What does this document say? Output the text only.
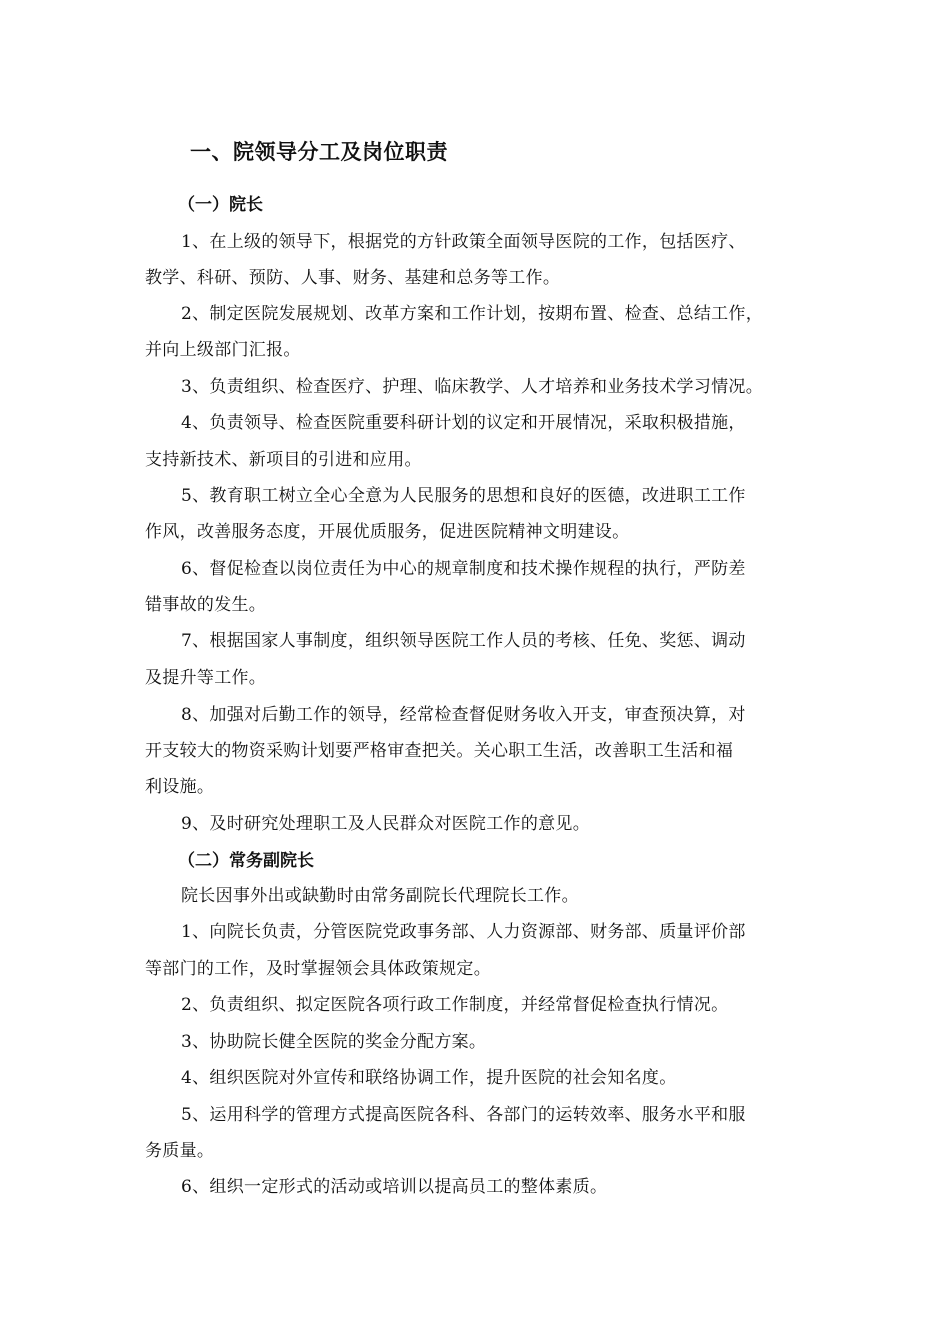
一、院领导分工及岗位职责
（一）院长
1、在上级的领导下，根据党的方针政策全面领导医院的工作，包括医疗、
教学、科研、预防、人事、财务、基建和总务等工作。
2、制定医院发展规划、改革方案和工作计划，按期布置、检查、总结工作，
并向上级部门汇报。
3、负责组织、检查医疗、护理、临床教学、人才培养和业务技术学习情况。
4、负责领导、检查医院重要科研计划的议定和开展情况，采取积极措施，
支持新技术、新项目的引进和应用。
5、教育职工树立全心全意为人民服务的思想和良好的医德，改进职工工作
作风，改善服务态度，开展优质服务，促进医院精神文明建设。
6、督促检查以岗位责任为中心的规章制度和技术操作规程的执行，严防差
错事故的发生。
7、根据国家人事制度，组织领导医院工作人员的考核、任免、奖惩、调动
及提升等工作。
8、加强对后勤工作的领导，经常检查督促财务收入开支，审查预决算，对
开支较大的物资采购计划要严格审查把关。关心职工生活，改善职工生活和福
利设施。
9、及时研究处理职工及人民群众对医院工作的意见。
（二）常务副院长
院长因事外出或缺勤时由常务副院长代理院长工作。
1、向院长负责，分管医院党政事务部、人力资源部、财务部、质量评价部
等部门的工作，及时掌握领会具体政策规定。
2、负责组织、拟定医院各项行政工作制度，并经常督促检查执行情况。
3、协助院长健全医院的奖金分配方案。
4、组织医院对外宣传和联络协调工作，提升医院的社会知名度。
5、运用科学的管理方式提高医院各科、各部门的运转效率、服务水平和服
务质量。
6、组织一定形式的活动或培训以提高员工的整体素质。
